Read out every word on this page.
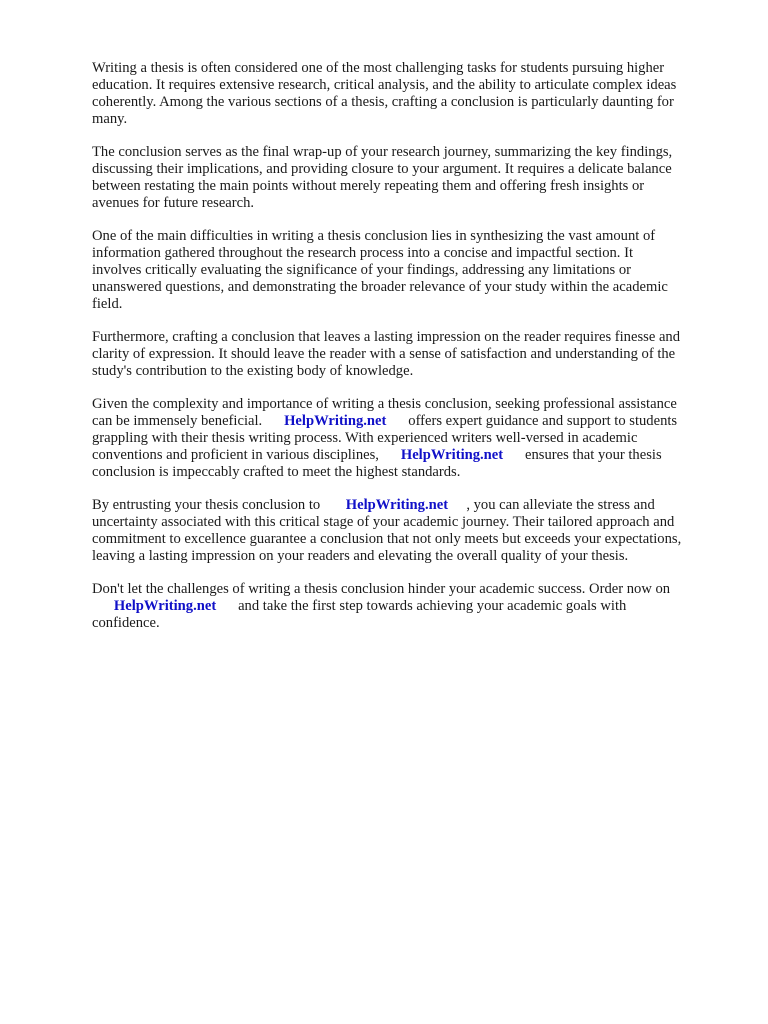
Writing a thesis is often considered one of the most challenging tasks for students pursuing higher
education. It requires extensive research, critical analysis, and the ability to articulate complex ideas
coherently. Among the various sections of a thesis, crafting a conclusion is particularly daunting for
many.

The conclusion serves as the final wrap-up of your research journey, summarizing the key findings,
discussing their implications, and providing closure to your argument. It requires a delicate balance
between restating the main points without merely repeating them and offering fresh insights or
avenues for future research.

One of the main difficulties in writing a thesis conclusion lies in synthesizing the vast amount of
information gathered throughout the research process into a concise and impactful section. It
involves critically evaluating the significance of your findings, addressing any limitations or
unanswered questions, and demonstrating the broader relevance of your study within the academic
field.

Furthermore, crafting a conclusion that leaves a lasting impression on the reader requires finesse and
clarity of expression. It should leave the reader with a sense of satisfaction and understanding of the
study's contribution to the existing body of knowledge.

Given the complexity and importance of writing a thesis conclusion, seeking professional assistance
can be immensely beneficial. HelpWriting.net offers expert guidance and support to students
grappling with their thesis writing process. With experienced writers well-versed in academic
conventions and proficient in various disciplines, HelpWriting.net ensures that your thesis
conclusion is impeccably crafted to meet the highest standards.

By entrusting your thesis conclusion to HelpWriting.net , you can alleviate the stress and
uncertainty associated with this critical stage of your academic journey. Their tailored approach and
commitment to excellence guarantee a conclusion that not only meets but exceeds your expectations,
leaving a lasting impression on your readers and elevating the overall quality of your thesis.

Don't let the challenges of writing a thesis conclusion hinder your academic success. Order now on
HelpWriting.net and take the first step towards achieving your academic goals with
confidence.
